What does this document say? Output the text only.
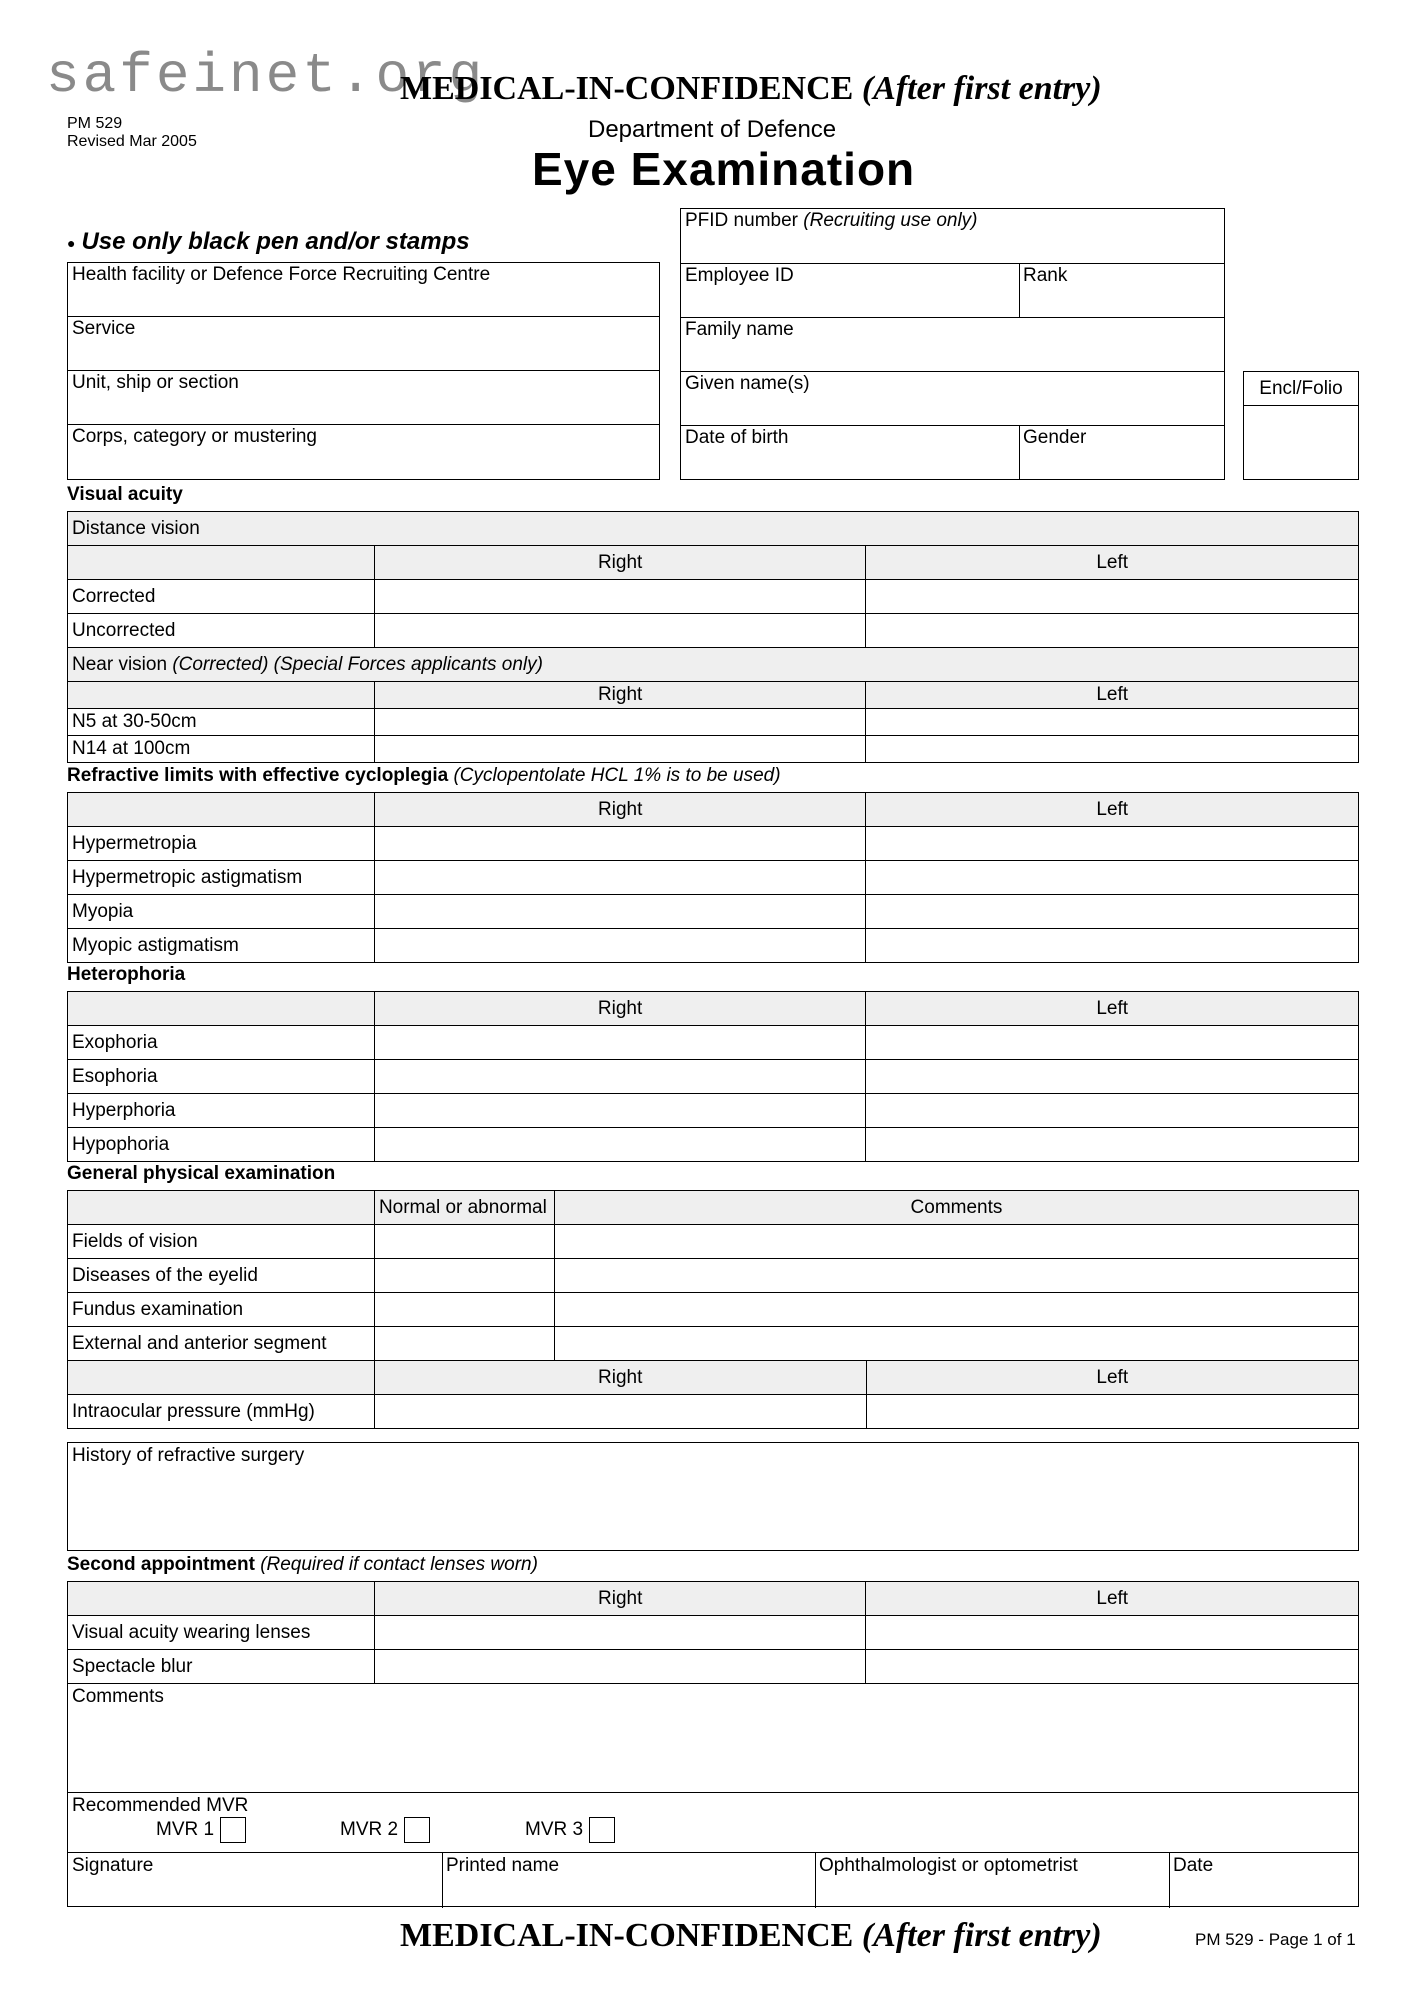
safeinet.org
MEDICAL-IN-CONFIDENCE (After first entry)
PM 529
Revised Mar 2005	Department of Defence
Eye Examination
● Use only black pen and/or stamps
Health facility or Defence Force Recruiting Centre
Service
Unit, ship or section
Corps, category or mustering
PFID number (Recruiting use only)
Employee ID	Rank
Family name
Given name(s)
Date of birth	Gender
Encl/Folio
Visual acuity
Distance vision		
	Right	Left
Corrected		
Uncorrected		
Near vision (Corrected) (Special Forces applicants only)		
	Right	Left
N5 at 30-50cm		
N14 at 100cm		
Refractive limits with effective cycloplegia (Cyclopentolate HCL 1% is to be used)
	Right	Left
Hypermetropia		
Hypermetropic astigmatism		
Myopia		
Myopic astigmatism		
Heterophoria
	Right	Left
Exophoria		
Esophoria		
Hyperphoria		
Hypophoria		
General physical examination
	Normal or abnormal	Comments	
Fields of vision			
Diseases of the eyelid			
Fundus examination			
External and anterior segment			
	Right		Left
Intraocular pressure (mmHg)			
History of refractive surgery
Second appointment (Required if contact lenses worn)
	Right	Left
Visual acuity wearing lenses		
Spectacle blur		
Comments
Recommended MVR
MVR 1	MVR 2	MVR 3
Signature	Printed name	Ophthalmologist or optometrist	Date
MEDICAL-IN-CONFIDENCE (After first entry)	PM 529 - Page 1 of 1
